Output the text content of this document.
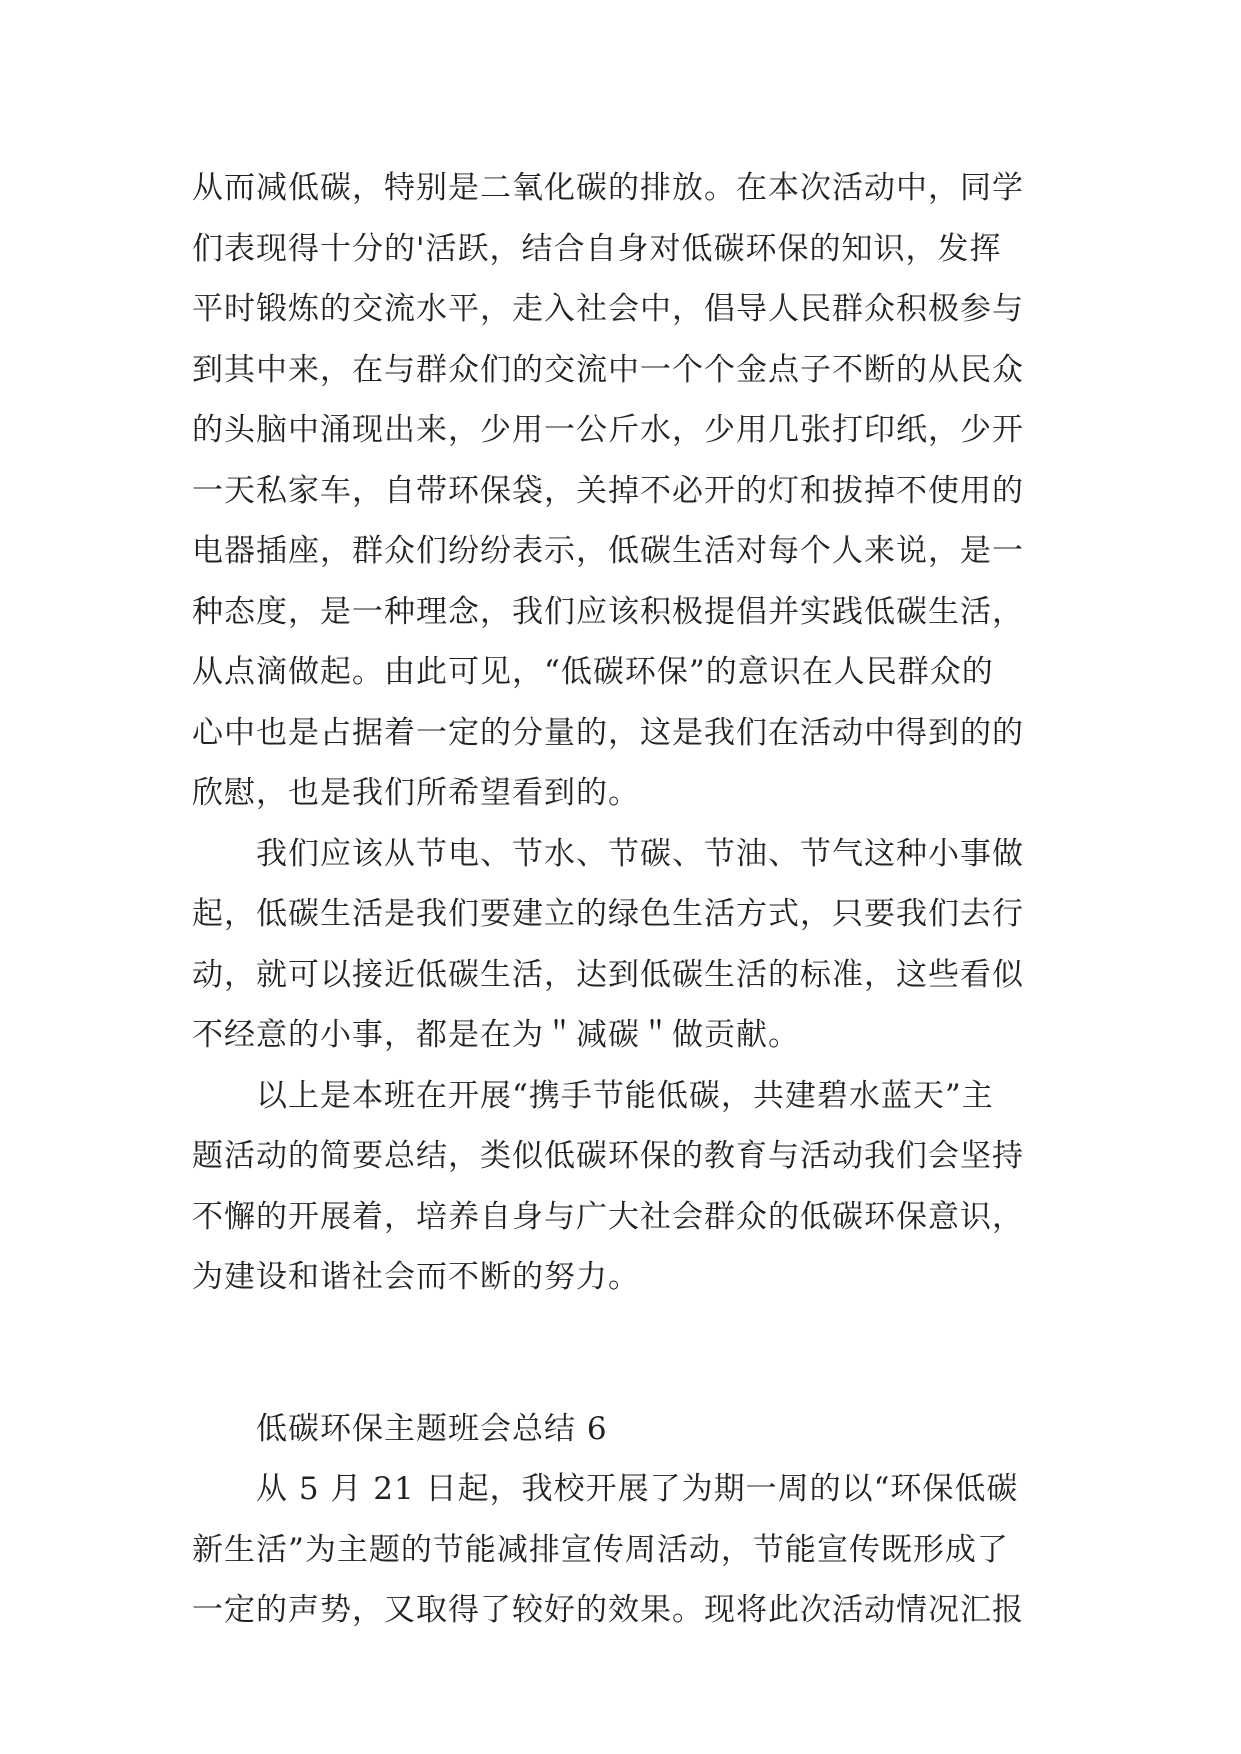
从而减低碳，特别是二氧化碳的排放。在本次活动中，同学
们表现得十分的'活跃，结合自身对低碳环保的知识，发挥
平时锻炼的交流水平，走入社会中，倡导人民群众积极参与
到其中来，在与群众们的交流中一个个金点子不断的从民众
的头脑中涌现出来，少用一公斤水，少用几张打印纸，少开
一天私家车，自带环保袋，关掉不必开的灯和拔掉不使用的
电器插座，群众们纷纷表示，低碳生活对每个人来说，是一
种态度，是一种理念，我们应该积极提倡并实践低碳生活，
从点滴做起。由此可见，“低碳环保”的意识在人民群众的
心中也是占据着一定的分量的，这是我们在活动中得到的的
欣慰，也是我们所希望看到的。
　　我们应该从节电、节水、节碳、节油、节气这种小事做
起，低碳生活是我们要建立的绿色生活方式，只要我们去行
动，就可以接近低碳生活，达到低碳生活的标准，这些看似
不经意的小事，都是在为＂减碳＂做贡献。
　　以上是本班在开展“携手节能低碳，共建碧水蓝天”主
题活动的简要总结，类似低碳环保的教育与活动我们会坚持
不懈的开展着，培养自身与广大社会群众的低碳环保意识，
为建设和谐社会而不断的努力。
　　低碳环保主题班会总结 6
　　从 5 月 21 日起，我校开展了为期一周的以“环保低碳
新生活”为主题的节能减排宣传周活动，节能宣传既形成了
一定的声势，又取得了较好的效果。现将此次活动情况汇报
